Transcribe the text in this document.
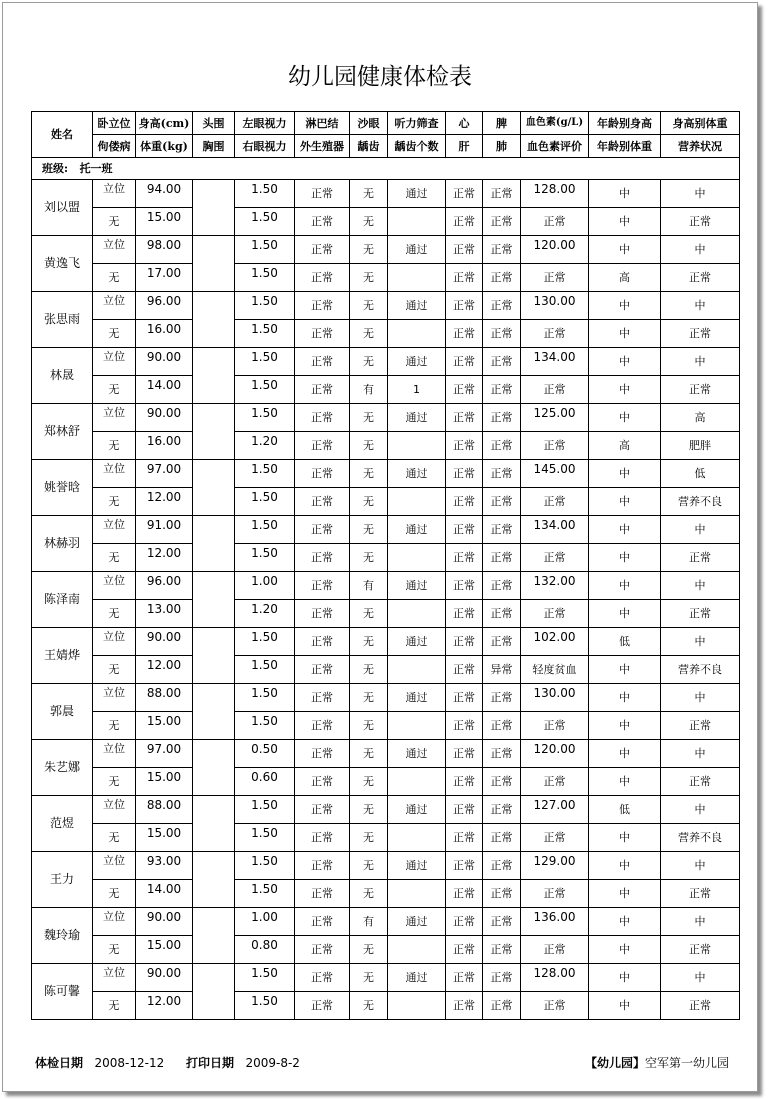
幼儿园健康体检表
姓名	卧立位	身高(cm)	头围	左眼视力	淋巴结	沙眼	听力筛查	心	脾	血色素(g/L)	年龄别身高	身高别体重
	佝偻病	体重(kg)	胸围	右眼视力	外生殖器	龋齿	龋齿个数	肝	肺	血色素评价	年龄别体重	营养状况
班级: 托一班												
刘以盟	立位	94.00		1.50	正常	无	通过	正常	正常	128.00	中	中
	无	15.00		1.50	正常	无		正常	正常	正常	中	正常
黄逸飞	立位	98.00		1.50	正常	无	通过	正常	正常	120.00	中	中
	无	17.00		1.50	正常	无		正常	正常	正常	高	正常
张思雨	立位	96.00		1.50	正常	无	通过	正常	正常	130.00	中	中
	无	16.00		1.50	正常	无		正常	正常	正常	中	正常
林晟	立位	90.00		1.50	正常	无	通过	正常	正常	134.00	中	中
	无	14.00		1.50	正常	有	1	正常	正常	正常	中	正常
郑林舒	立位	90.00		1.50	正常	无	通过	正常	正常	125.00	中	高
	无	16.00		1.20	正常	无		正常	正常	正常	高	肥胖
姚誉晗	立位	97.00		1.50	正常	无	通过	正常	正常	145.00	中	低
	无	12.00		1.50	正常	无		正常	正常	正常	中	营养不良
林赫羽	立位	91.00		1.50	正常	无	通过	正常	正常	134.00	中	中
	无	12.00		1.50	正常	无		正常	正常	正常	中	正常
陈泽南	立位	96.00		1.00	正常	有	通过	正常	正常	132.00	中	中
	无	13.00		1.20	正常	无		正常	正常	正常	中	正常
王婧烨	立位	90.00		1.50	正常	无	通过	正常	正常	102.00	低	中
	无	12.00		1.50	正常	无		正常	异常	轻度贫血	中	营养不良
郭晨	立位	88.00		1.50	正常	无	通过	正常	正常	130.00	中	中
	无	15.00		1.50	正常	无		正常	正常	正常	中	正常
朱艺娜	立位	97.00		0.50	正常	无	通过	正常	正常	120.00	中	中
	无	15.00		0.60	正常	无		正常	正常	正常	中	正常
范煜	立位	88.00		1.50	正常	无	通过	正常	正常	127.00	低	中
	无	15.00		1.50	正常	无		正常	正常	正常	中	营养不良
王力	立位	93.00		1.50	正常	无	通过	正常	正常	129.00	中	中
	无	14.00		1.50	正常	无		正常	正常	正常	中	正常
魏玲瑜	立位	90.00		1.00	正常	有	通过	正常	正常	136.00	中	中
	无	15.00		0.80	正常	无		正常	正常	正常	中	正常
陈可馨	立位	90.00		1.50	正常	无	通过	正常	正常	128.00	中	中
	无	12.00		1.50	正常	无		正常	正常	正常	中	正常
体检日期 2008-12-12 打印日期 2009-8-2	【幼儿园】空军第一幼儿园
